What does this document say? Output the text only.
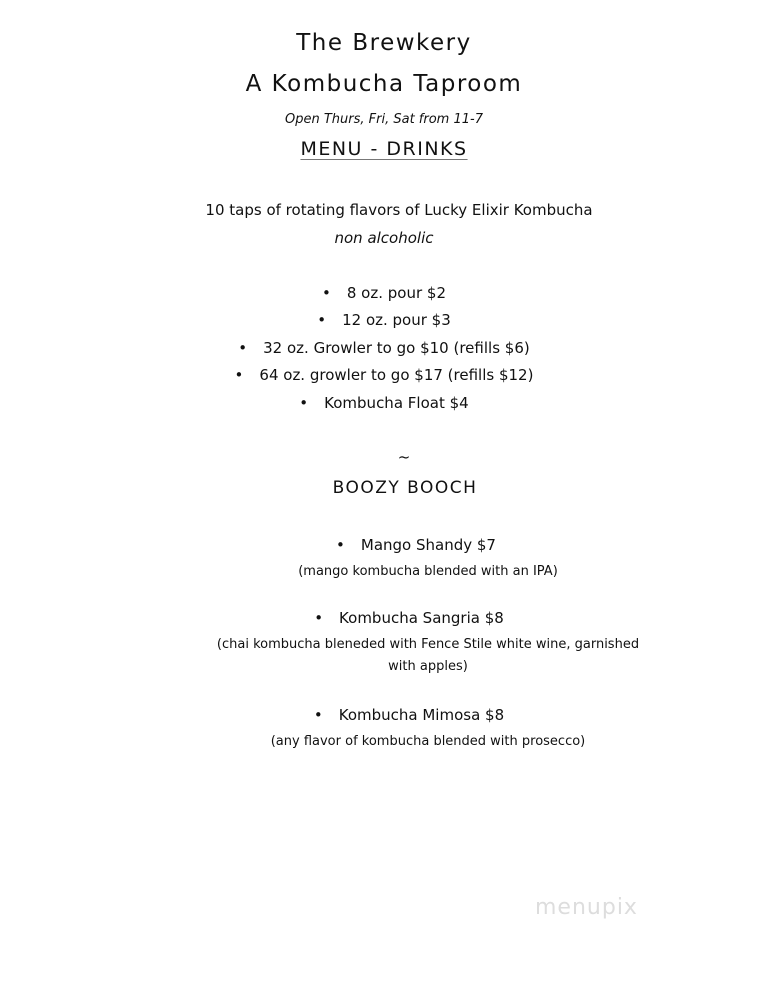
The Brewkery
A Kombucha Taproom
Open Thurs, Fri, Sat from 11-7
MENU - DRINKS
10 taps of rotating flavors of Lucky Elixir Kombucha
non alcoholic
• 8 oz. pour $2
• 12 oz. pour $3
• 32 oz. Growler to go $10 (refills $6)
• 64 oz. growler to go $17 (refills $12)
• Kombucha Float $4
~
BOOZY BOOCH
• Mango Shandy $7
(mango kombucha blended with an IPA)
• Kombucha Sangria $8
(chai kombucha bleneded with Fence Stile white wine, garnished
with apples)
• Kombucha Mimosa $8
(any flavor of kombucha blended with prosecco)
menupix
